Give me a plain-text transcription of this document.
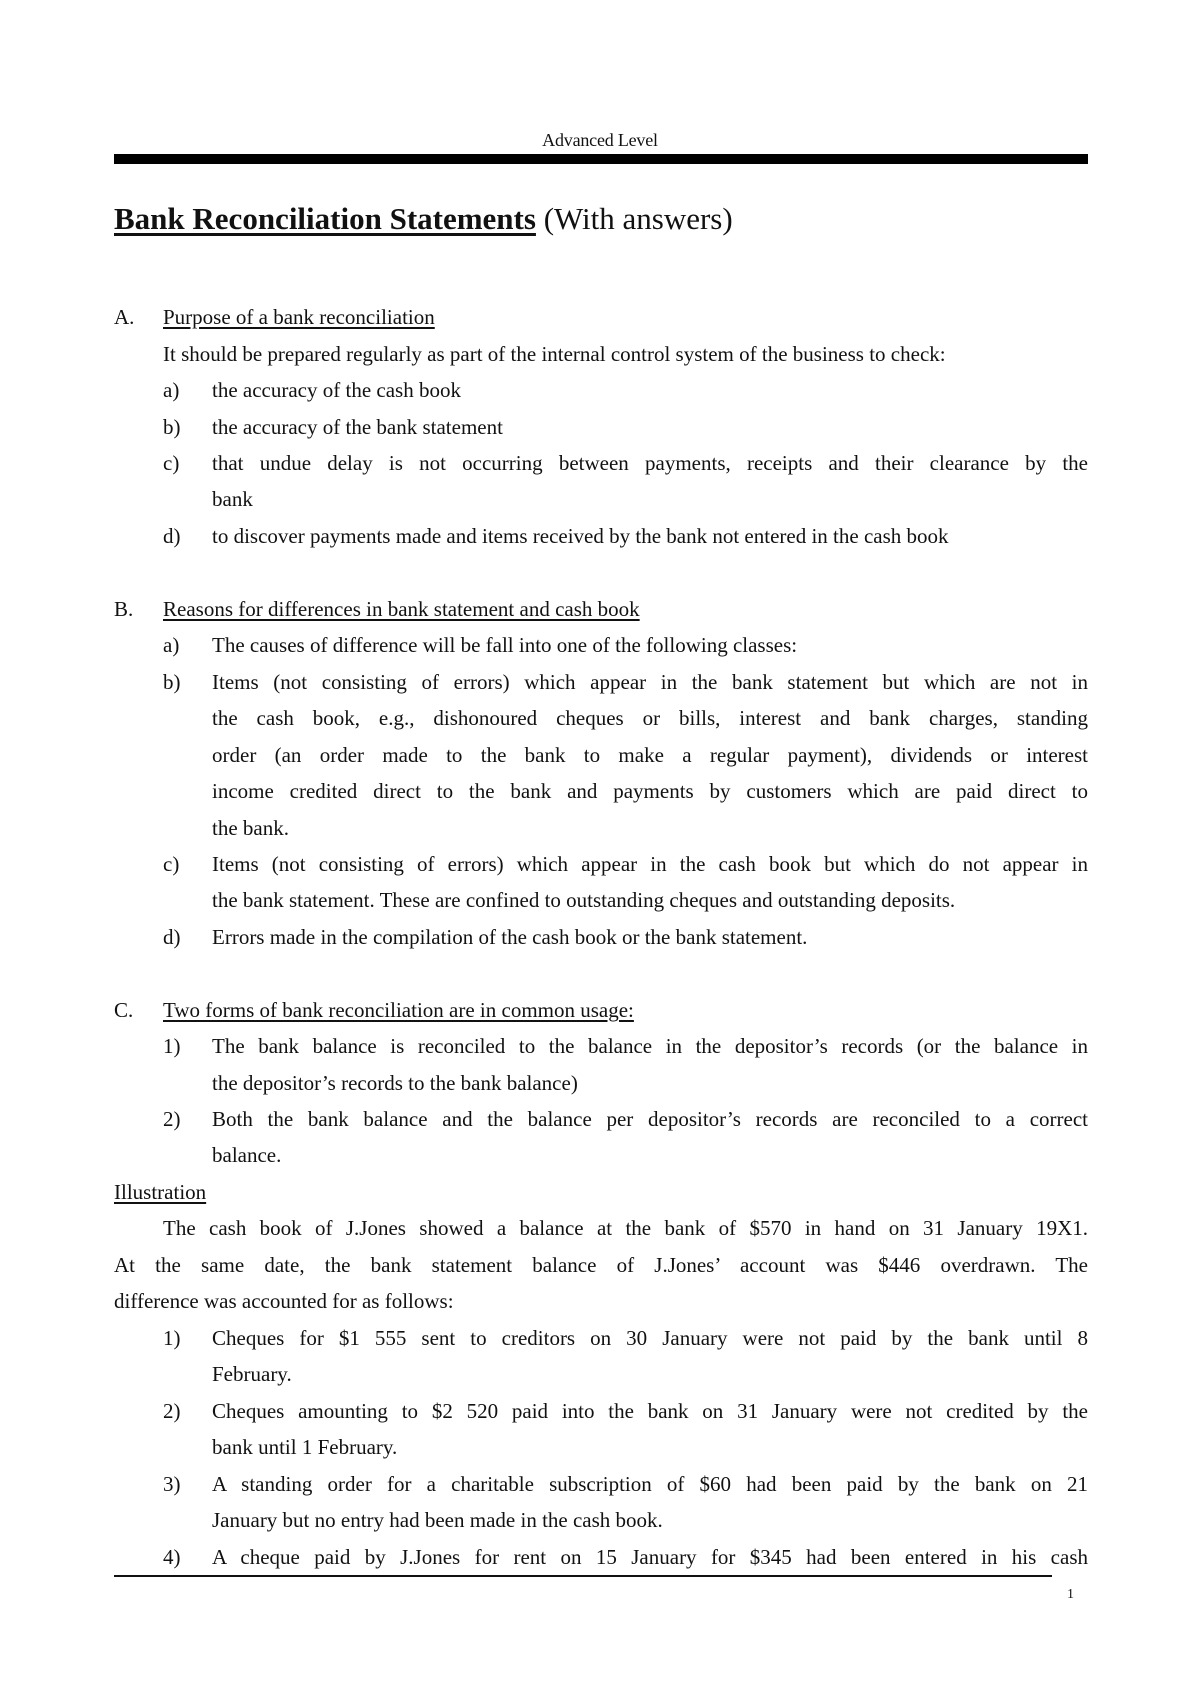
Advanced Level
Bank Reconciliation Statements (With answers)
A. Purpose of a bank reconciliation
It should be prepared regularly as part of the internal control system of the business to check:
a) the accuracy of the cash book
b) the accuracy of the bank statement
c) that undue delay is not occurring between payments, receipts and their clearance by the
bank
d) to discover payments made and items received by the bank not entered in the cash book
B. Reasons for differences in bank statement and cash book
a) The causes of difference will be fall into one of the following classes:
b) Items (not consisting of errors) which appear in the bank statement but which are not in
the cash book, e.g., dishonoured cheques or bills, interest and bank charges, standing
order (an order made to the bank to make a regular payment), dividends or interest
income credited direct to the bank and payments by customers which are paid direct to
the bank.
c) Items (not consisting of errors) which appear in the cash book but which do not appear in
the bank statement. These are confined to outstanding cheques and outstanding deposits.
d) Errors made in the compilation of the cash book or the bank statement.
C. Two forms of bank reconciliation are in common usage:
1) The bank balance is reconciled to the balance in the depositor’s records (or the balance in
the depositor’s records to the bank balance)
2) Both the bank balance and the balance per depositor’s records are reconciled to a correct
balance.
Illustration
The cash book of J.Jones showed a balance at the bank of $570 in hand on 31 January 19X1.
At the same date, the bank statement balance of J.Jones’ account was $446 overdrawn. The
difference was accounted for as follows:
1) Cheques for $1 555 sent to creditors on 30 January were not paid by the bank until 8
February.
2) Cheques amounting to $2 520 paid into the bank on 31 January were not credited by the
bank until 1 February.
3) A standing order for a charitable subscription of $60 had been paid by the bank on 21
January but no entry had been made in the cash book.
4) A cheque paid by J.Jones for rent on 15 January for $345 had been entered in his cash
1
